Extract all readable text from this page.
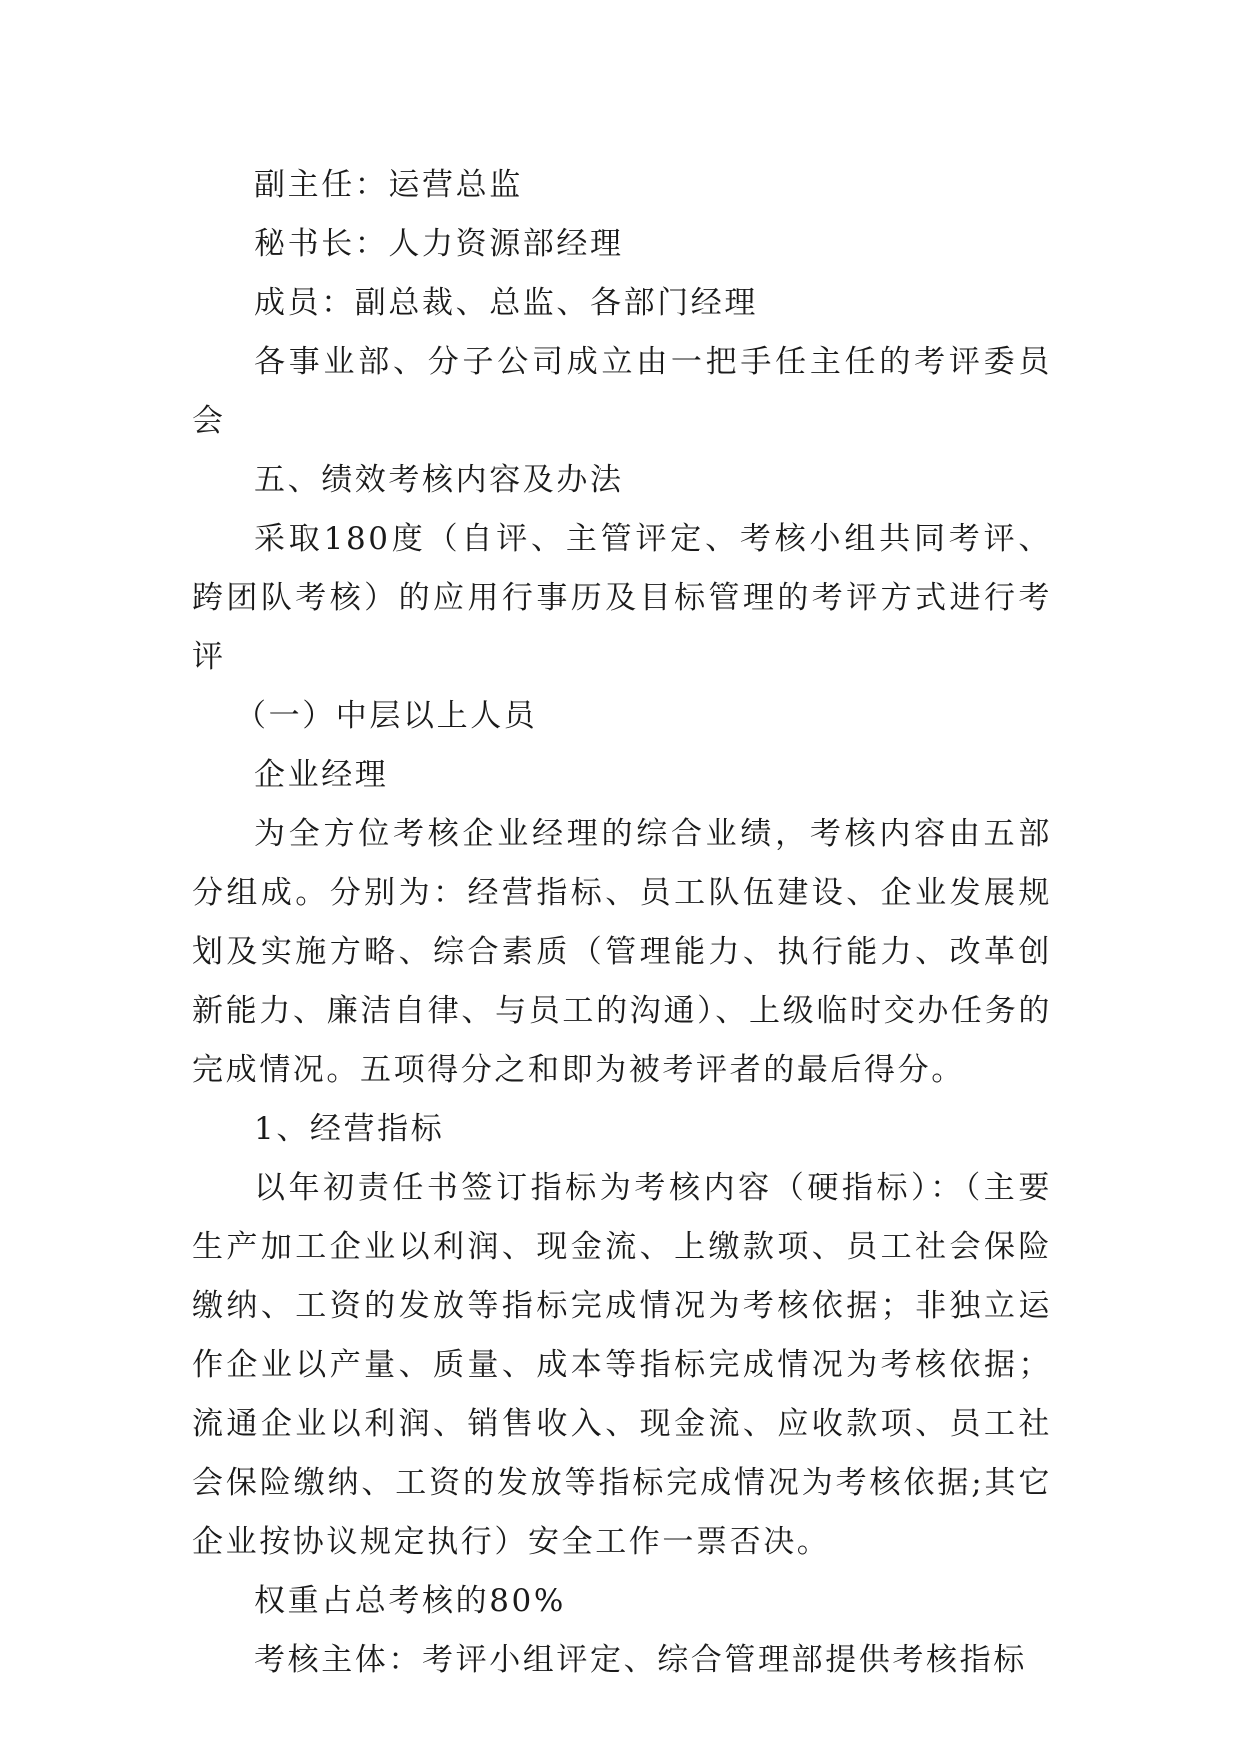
副主任：运营总监

秘书长：人力资源部经理

成员：副总裁、总监、各部门经理

各事业部、分子公司成立由一把手任主任的考评委员会

五、绩效考核内容及办法

采取180度（自评、主管评定、考核小组共同考评、跨团队考核）的应用行事历及目标管理的考评方式进行考评

（一）中层以上人员

企业经理

为全方位考核企业经理的综合业绩，考核内容由五部分组成。分别为：经营指标、员工队伍建设、企业发展规划及实施方略、综合素质（管理能力、执行能力、改革创新能力、廉洁自律、与员工的沟通）、上级临时交办任务的完成情况。五项得分之和即为被考评者的最后得分。

1、经营指标

以年初责任书签订指标为考核内容（硬指标）：（主要生产加工企业以利润、现金流、上缴款项、员工社会保险缴纳、工资的发放等指标完成情况为考核依据；非独立运作企业以产量、质量、成本等指标完成情况为考核依据；流通企业以利润、销售收入、现金流、应收款项、员工社会保险缴纳、工资的发放等指标完成情况为考核依据;其它企业按协议规定执行）安全工作一票否决。

权重占总考核的80%

考核主体：考评小组评定、综合管理部提供考核指标
